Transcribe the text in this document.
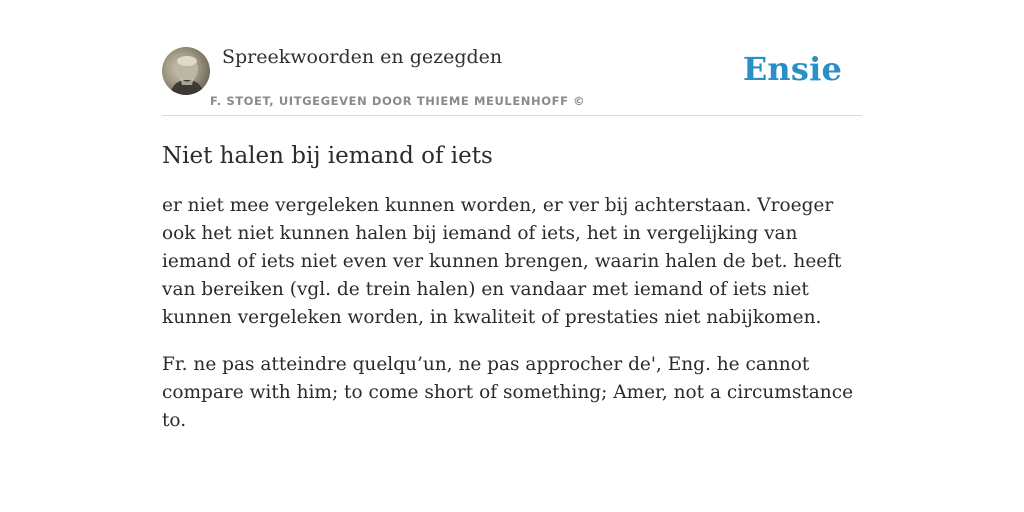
Spreekwoorden en gezegden
F. STOET, UITGEGEVEN DOOR THIEME MEULENHOFF ©
Ensie
Niet halen bij iemand of iets

er niet mee vergeleken kunnen worden, er ver bij achterstaan. Vroeger ook het niet kunnen halen bij iemand of iets, het in vergelijking van iemand of iets niet even ver kunnen brengen, waarin halen de bet. heeft van bereiken (vgl. de trein halen) en vandaar met iemand of iets niet kunnen vergeleken worden, in kwaliteit of prestaties niet nabijkomen.

Fr. ne pas atteindre quelqu’un, ne pas approcher de', Eng. he cannot compare with him; to come short of something; Amer, not a circumstance to.
